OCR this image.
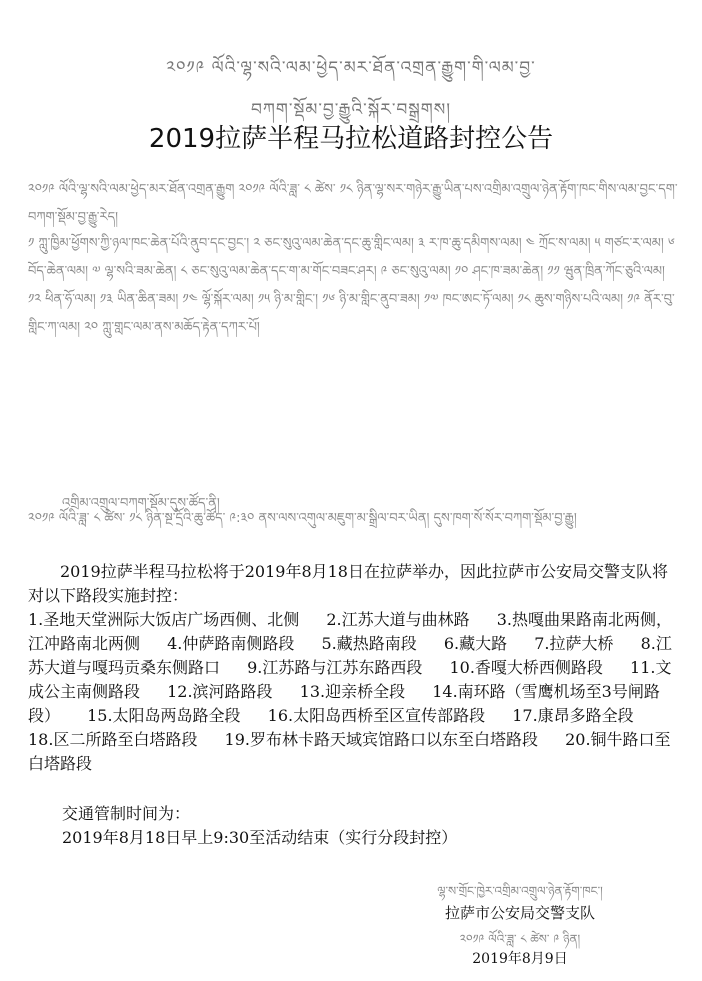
༢༠༡༩ ལོའི་ལྷ་སའི་ལམ་ཕྱེད་མར་ཐོན་འགྲན་རྒྱུག་གི་ལམ་བྱ་
བཀག་སྡོམ་བྱ་རྒྱུའི་སྐོར་བསྒྲགས།
2019拉萨半程马拉松道路封控公告
༢༠༡༩ ལོའི་ལྷ་སའི་ལམ་ཕྱེད་མར་ཐོན་འགྲན་རྒྱུག ༢༠༡༩ ལོའི་ཟླ་ ༨ ཚེས་ ༡༨ ཉིན་ལྷ་སར་གཉེར་རྒྱུ་ཡིན་པས་འགྲིམ་འགྲུལ་ཉེན་རྟོག་ཁང་གིས་ལམ་བྱང་དག་བཀག་སྡོམ་བྱ་རྒྱུ་རེད།
༡ ཀླུ་ཁྱིམ་ཕྱོགས་ཀྱི་ཉལ་ཁང་ཆེན་པོའི་ནུབ་དང་བྱང་། ༢ ཅང་སུའུ་ལམ་ཆེན་དང་ཆུ་གླིང་ལམ། ༣ ར་ཁ་ཆུ་དམིགས་ལམ། ༤ ཀྲོང་ས་ལམ། ༥ གཙང་ར་ལམ། ༦ བོད་ཆེན་ལམ། ༧ ལྷ་སའི་ཟམ་ཆེན། ༨ ཅང་སུའུ་ལམ་ཆེན་དང་ག་མ་གོང་བཟང་ཤར། ༩ ཅང་སུའུ་ལམ། ༡༠ ཤང་ཁ་ཟམ་ཆེན། ༡༡ ཝུན་ཁྲིན་ཀོང་ཅུའི་ལམ། ༡༢ ཕིན་ཧོ་ལམ། ༡༣ ཡིན་ཆིན་ཟམ། ༡༤ ལྷོ་སྐོར་ལམ། ༡༥ ཉི་མ་གླིང་། ༡༦ ཉི་མ་གླིང་ནུབ་ཟམ། ༡༧ ཁང་ཨང་ཏོ་ལམ། ༡༨ ཆུས་གཉིས་པའི་ལམ། ༡༩ ནོར་བུ་གླིང་ཀ་ལམ། ༢༠ ཀླུ་གླང་ལམ་ནས་མཆོད་རྟེན་དཀར་པོ།
འགྲིམ་འགྲུལ་བཀག་སྡོམ་དུས་ཚོད་ནི།
༢༠༡༩ ལོའི་ཟླ་ ༨ ཚེས་ ༡༨ ཉིན་སྔ་དྲོའི་ཆུ་ཚོད་ ༩:༣༠ ནས་ལས་འགུལ་མཇུག་མ་སྒྲིལ་བར་ཡིན། དུས་ཁག་སོ་སོར་བཀག་སྡོམ་བྱ་རྒྱུ།
2019拉萨半程马拉松将于2019年8月18日在拉萨举办，因此拉萨市公安局交警支队将对以下路段实施封控：
1.圣地天堂洲际大饭店广场西侧、北侧 2.江苏大道与曲林路 3.热嘎曲果路南北两侧，江冲路南北两侧 4.仲萨路南侧路段 5.藏热路南段 6.藏大路 7.拉萨大桥 8.江苏大道与嘎玛贡桑东侧路口 9.江苏路与江苏东路西段 10.香嘎大桥西侧路段 11.文成公主南侧路段 12.滨河路路段 13.迎亲桥全段 14.南环路（雪鹰机场至3号闸路段） 15.太阳岛两岛路全段 16.太阳岛西桥至区宣传部路段 17.康昂多路全段 18.区二所路至白塔路段 19.罗布林卡路天域宾馆路口以东至白塔路段 20.铜牛路口至白塔路段
交通管制时间为：
2019年8月18日早上9:30至活动结束（实行分段封控）
ལྷ་ས་གྲོང་ཁྱེར་འགྲིམ་འགྲུལ་ཉེན་རྟོག་ཁང་།
拉萨市公安局交警支队
༢༠༡༩ ལོའི་ཟླ་ ༨ ཚེས་ ༩ ཉིན།
2019年8月9日
